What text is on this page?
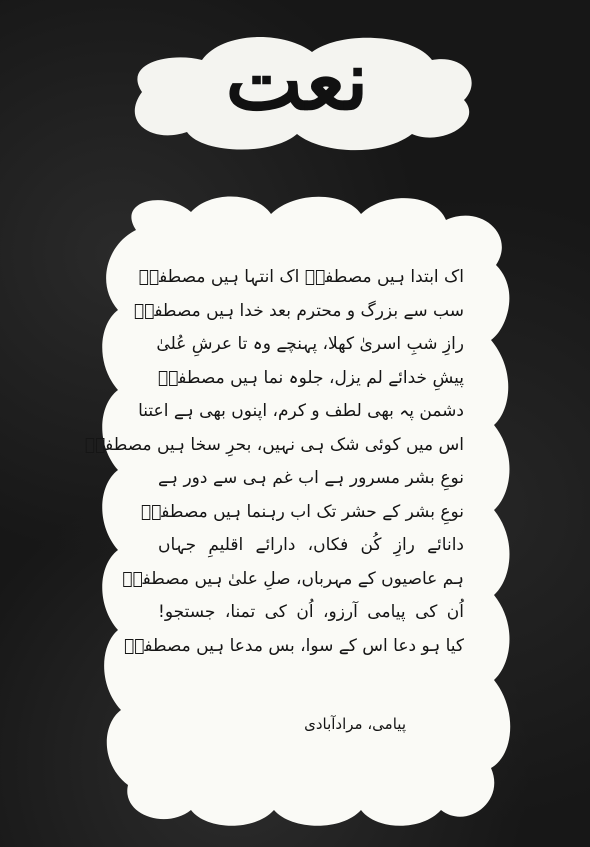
نعت
اک ابتدا ہیں مصطفےؐ اک انتہا ہیں مصطفےؐ
سب سے بزرگ و محترم بعد خدا ہیں مصطفےؐ
رازِ شبِ اسریٰ کھلا، پہنچے وہ تا عرشِ عُلیٰ
پیشِ خدائے لم یزل، جلوہ نما ہیں مصطفےؐ
دشمن پہ بھی لطف و کرم، اپنوں بھی ہے اعتنا
اس میں کوئی شک ہی نہیں، بحرِ سخا ہیں مصطفےؐ
نوعِ بشر مسرور ہے اب غم ہی سے دور ہے
نوعِ بشر کے حشر تک اب رہنما ہیں مصطفےؐ
دانائے رازِ کُن فکاں، دارائے اقلیمِ جہاں
ہم عاصیوں کے مہرباں، صلِ علیٰ ہیں مصطفےؐ
اُن کی پیامی آرزو، اُن کی تمنا، جستجو!
کیا ہو دعا اس کے سوا، بس مدعا ہیں مصطفےؐ
پیامی، مرادآبادی
